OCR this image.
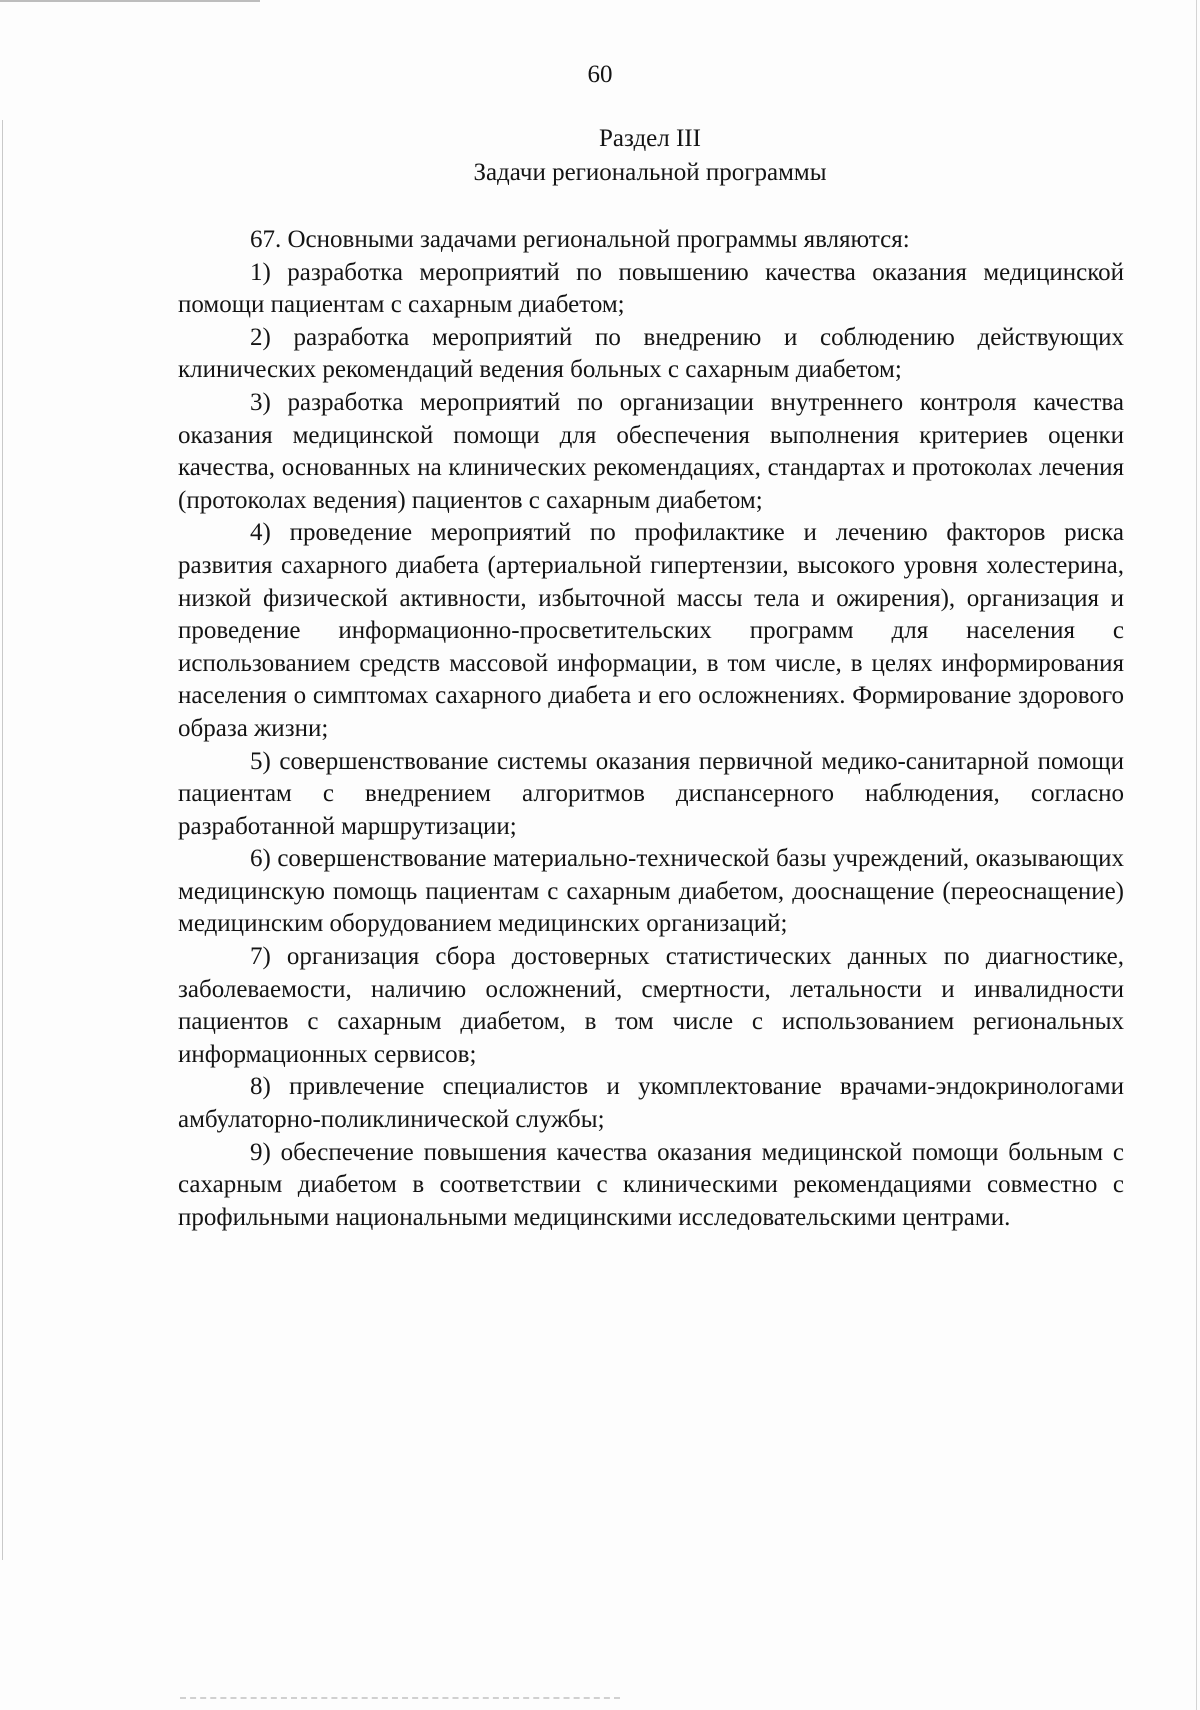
60
Раздел III
Задачи региональной программы

67. Основными задачами региональной программы являются:

1) разработка мероприятий по повышению качества оказания медицинской помощи пациентам с сахарным диабетом;

2) разработка мероприятий по внедрению и соблюдению действующих клинических рекомендаций ведения больных с сахарным диабетом;

3) разработка мероприятий по организации внутреннего контроля качества оказания медицинской помощи для обеспечения выполнения критериев оценки качества, основанных на клинических рекомендациях, стандартах и протоколах лечения (протоколах ведения) пациентов с сахарным диабетом;

4) проведение мероприятий по профилактике и лечению факторов риска развития сахарного диабета (артериальной гипертензии, высокого уровня холестерина, низкой физической активности, избыточной массы тела и ожирения), организация и проведение информационно-просветительских программ для населения с использованием средств массовой информации, в том числе, в целях информирования населения о симптомах сахарного диабета и его осложнениях. Формирование здорового образа жизни;

5) совершенствование системы оказания первичной медико-санитарной помощи пациентам с внедрением алгоритмов диспансерного наблюдения, согласно разработанной маршрутизации;

6) совершенствование материально-технической базы учреждений, оказывающих медицинскую помощь пациентам с сахарным диабетом, дооснащение (переоснащение) медицинским оборудованием медицинских организаций;

7) организация сбора достоверных статистических данных по диагностике, заболеваемости, наличию осложнений, смертности, летальности и инвалидности пациентов с сахарным диабетом, в том числе с использованием региональных информационных сервисов;

8) привлечение специалистов и укомплектование врачами-эндокринологами амбулаторно-поликлинической службы;

9) обеспечение повышения качества оказания медицинской помощи больным с сахарным диабетом в соответствии с клиническими рекомендациями совместно с профильными национальными медицинскими исследовательскими центрами.
